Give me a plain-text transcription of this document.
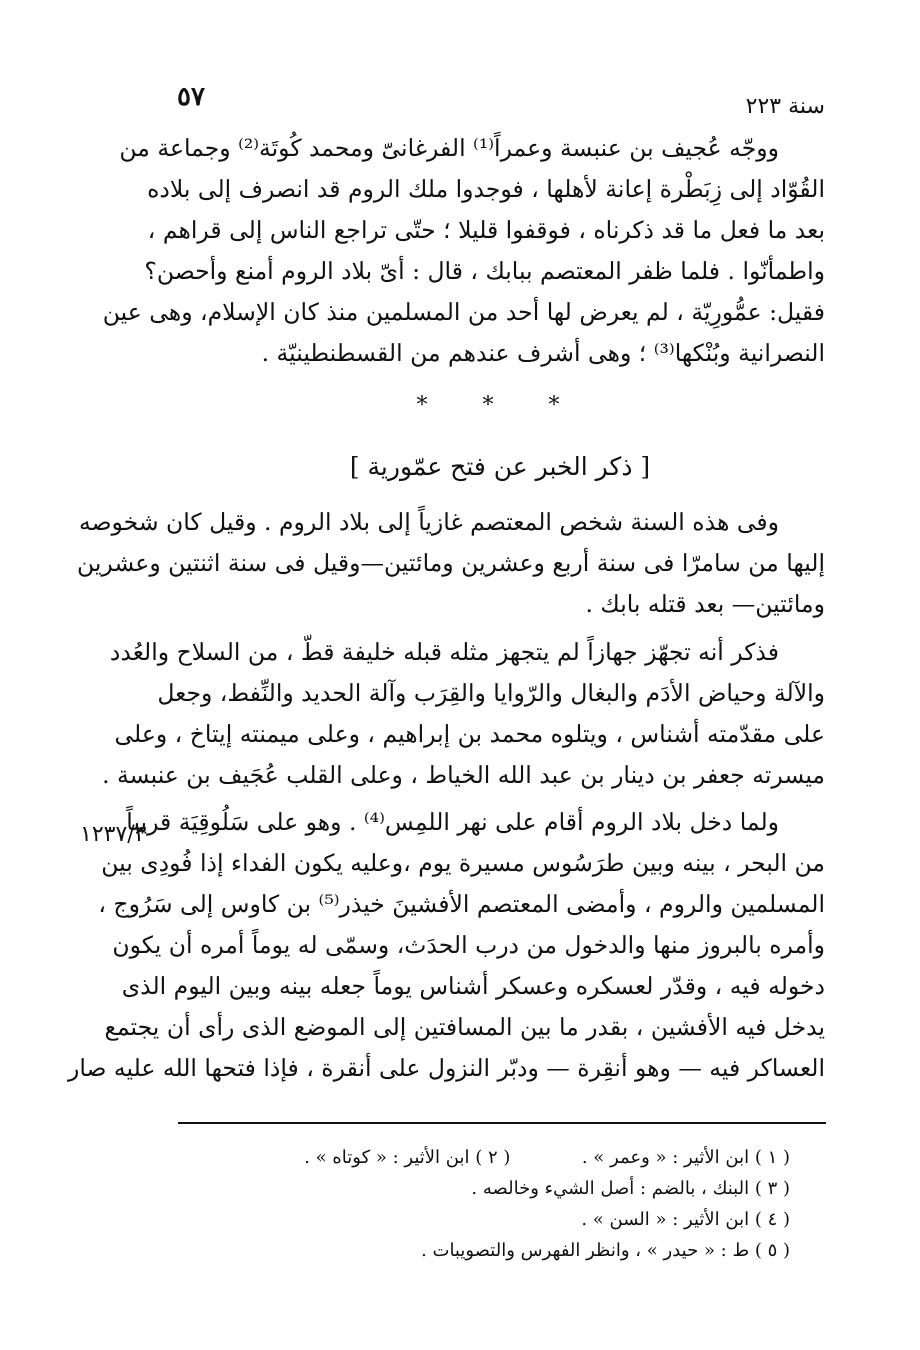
٥٧	سنة ٢٢٣
ووجّه عُجيف بن عنبسة وعمراً⁽¹⁾ الفرغانىّ ومحمد كُوتَة⁽²⁾ وجماعة من
القُوّاد إلى زِبَطْرة إعانة لأهلها ، فوجدوا ملك الروم قد انصرف إلى بلاده
بعد ما فعل ما قد ذكرناه ، فوقفوا قليلا ؛ حتّى تراجع الناس إلى قراهم ،
واطمأنّوا . فلما ظفر المعتصم ببابك ، قال : أىّ بلاد الروم أمنع وأحصن؟
فقيل: عمُّورِيّة ، لم يعرض لها أحد من المسلمين منذ كان الإسلام، وهى عين
النصرانية وبُنْكها⁽³⁾ ؛ وهى أشرف عندهم من القسطنطينيّة .
* * *
[ ذكر الخبر عن فتح عمّورية ]
وفى هذه السنة شخص المعتصم غازياً إلى بلاد الروم . وقيل كان شخوصه
إليها من سامرّا فى سنة أربع وعشرين ومائتين—وقيل فى سنة اثنتين وعشرين
ومائتين— بعد قتله بابك .
فذكر أنه تجهّز جهازاً لم يتجهز مثله قبله خليفة قطّ ، من السلاح والعُدد
والآلة وحياض الأدَم والبغال والرّوايا والقِرَب وآلة الحديد والنِّفط، وجعل
على مقدّمته أشناس ، ويتلوه محمد بن إبراهيم ، وعلى ميمنته إيتاخ ، وعلى
ميسرته جعفر بن دينار بن عبد الله الخياط ، وعلى القلب عُجَيف بن عنبسة .
١٢٣٧/٣
ولما دخل بلاد الروم أقام على نهر اللمِس⁽⁴⁾ . وهو على سَلُوقِيَة قريباً
من البحر ، بينه وبين طرَسُوس مسيرة يوم ،وعليه يكون الفداء إذا فُودِى بين
المسلمين والروم ، وأمضى المعتصم الأفشينَ خيذر⁽⁵⁾ بن كاوس إلى سَرُوج ،
وأمره بالبروز منها والدخول من درب الحدَث، وسمّى له يوماً أمره أن يكون
دخوله فيه ، وقدّر لعسكره وعسكر أشناس يوماً جعله بينه وبين اليوم الذى
يدخل فيه الأفشين ، بقدر ما بين المسافتين إلى الموضع الذى رأى أن يجتمع
العساكر فيه — وهو أنقِرة — ودبّر النزول على أنقرة ، فإذا فتحها الله عليه صار
( ١ ) ابن الأثير : « وعمر » .  ( ٢ ) ابن الأثير : « كوتاه » .
( ٣ ) البنك ، بالضم : أصل الشيء وخالصه .
( ٤ ) ابن الأثير : « السن » .
( ٥ ) ط : « حيدر » ، وانظر الفهرس والتصويبات .
